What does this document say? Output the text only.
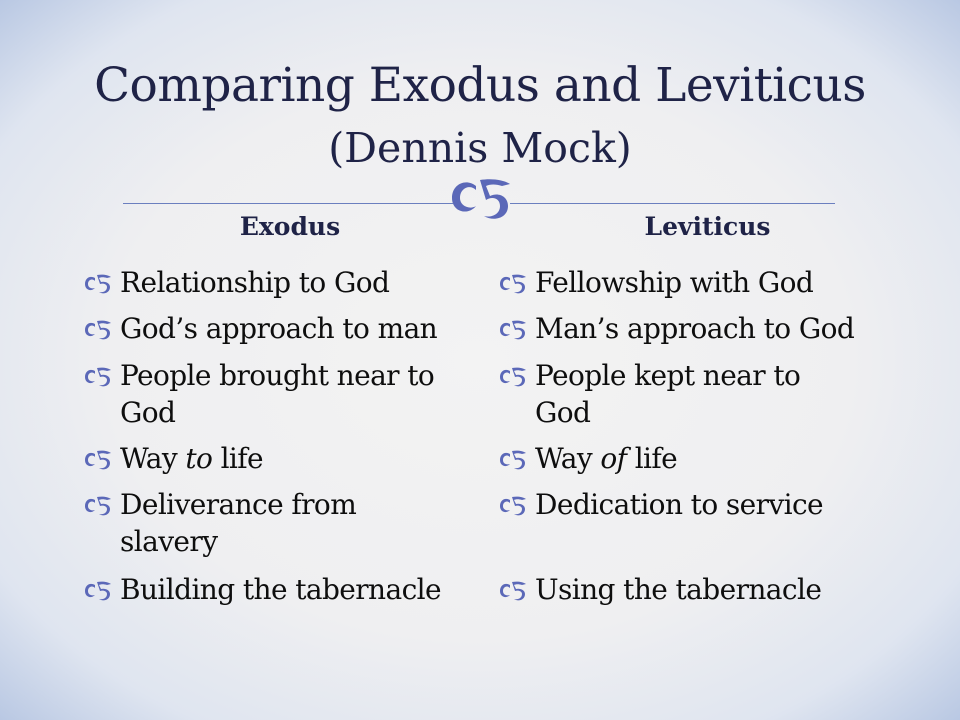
Comparing Exodus and Leviticus
(Dennis Mock)
Exodus	Leviticus
Relationship to God
God’s approach to man
People brought near to
God
Way to life
Deliverance from
slavery
Building the tabernacle
Fellowship with God
Man’s approach to God
People kept near to
God
Way of life
Dedication to service
Using the tabernacle
